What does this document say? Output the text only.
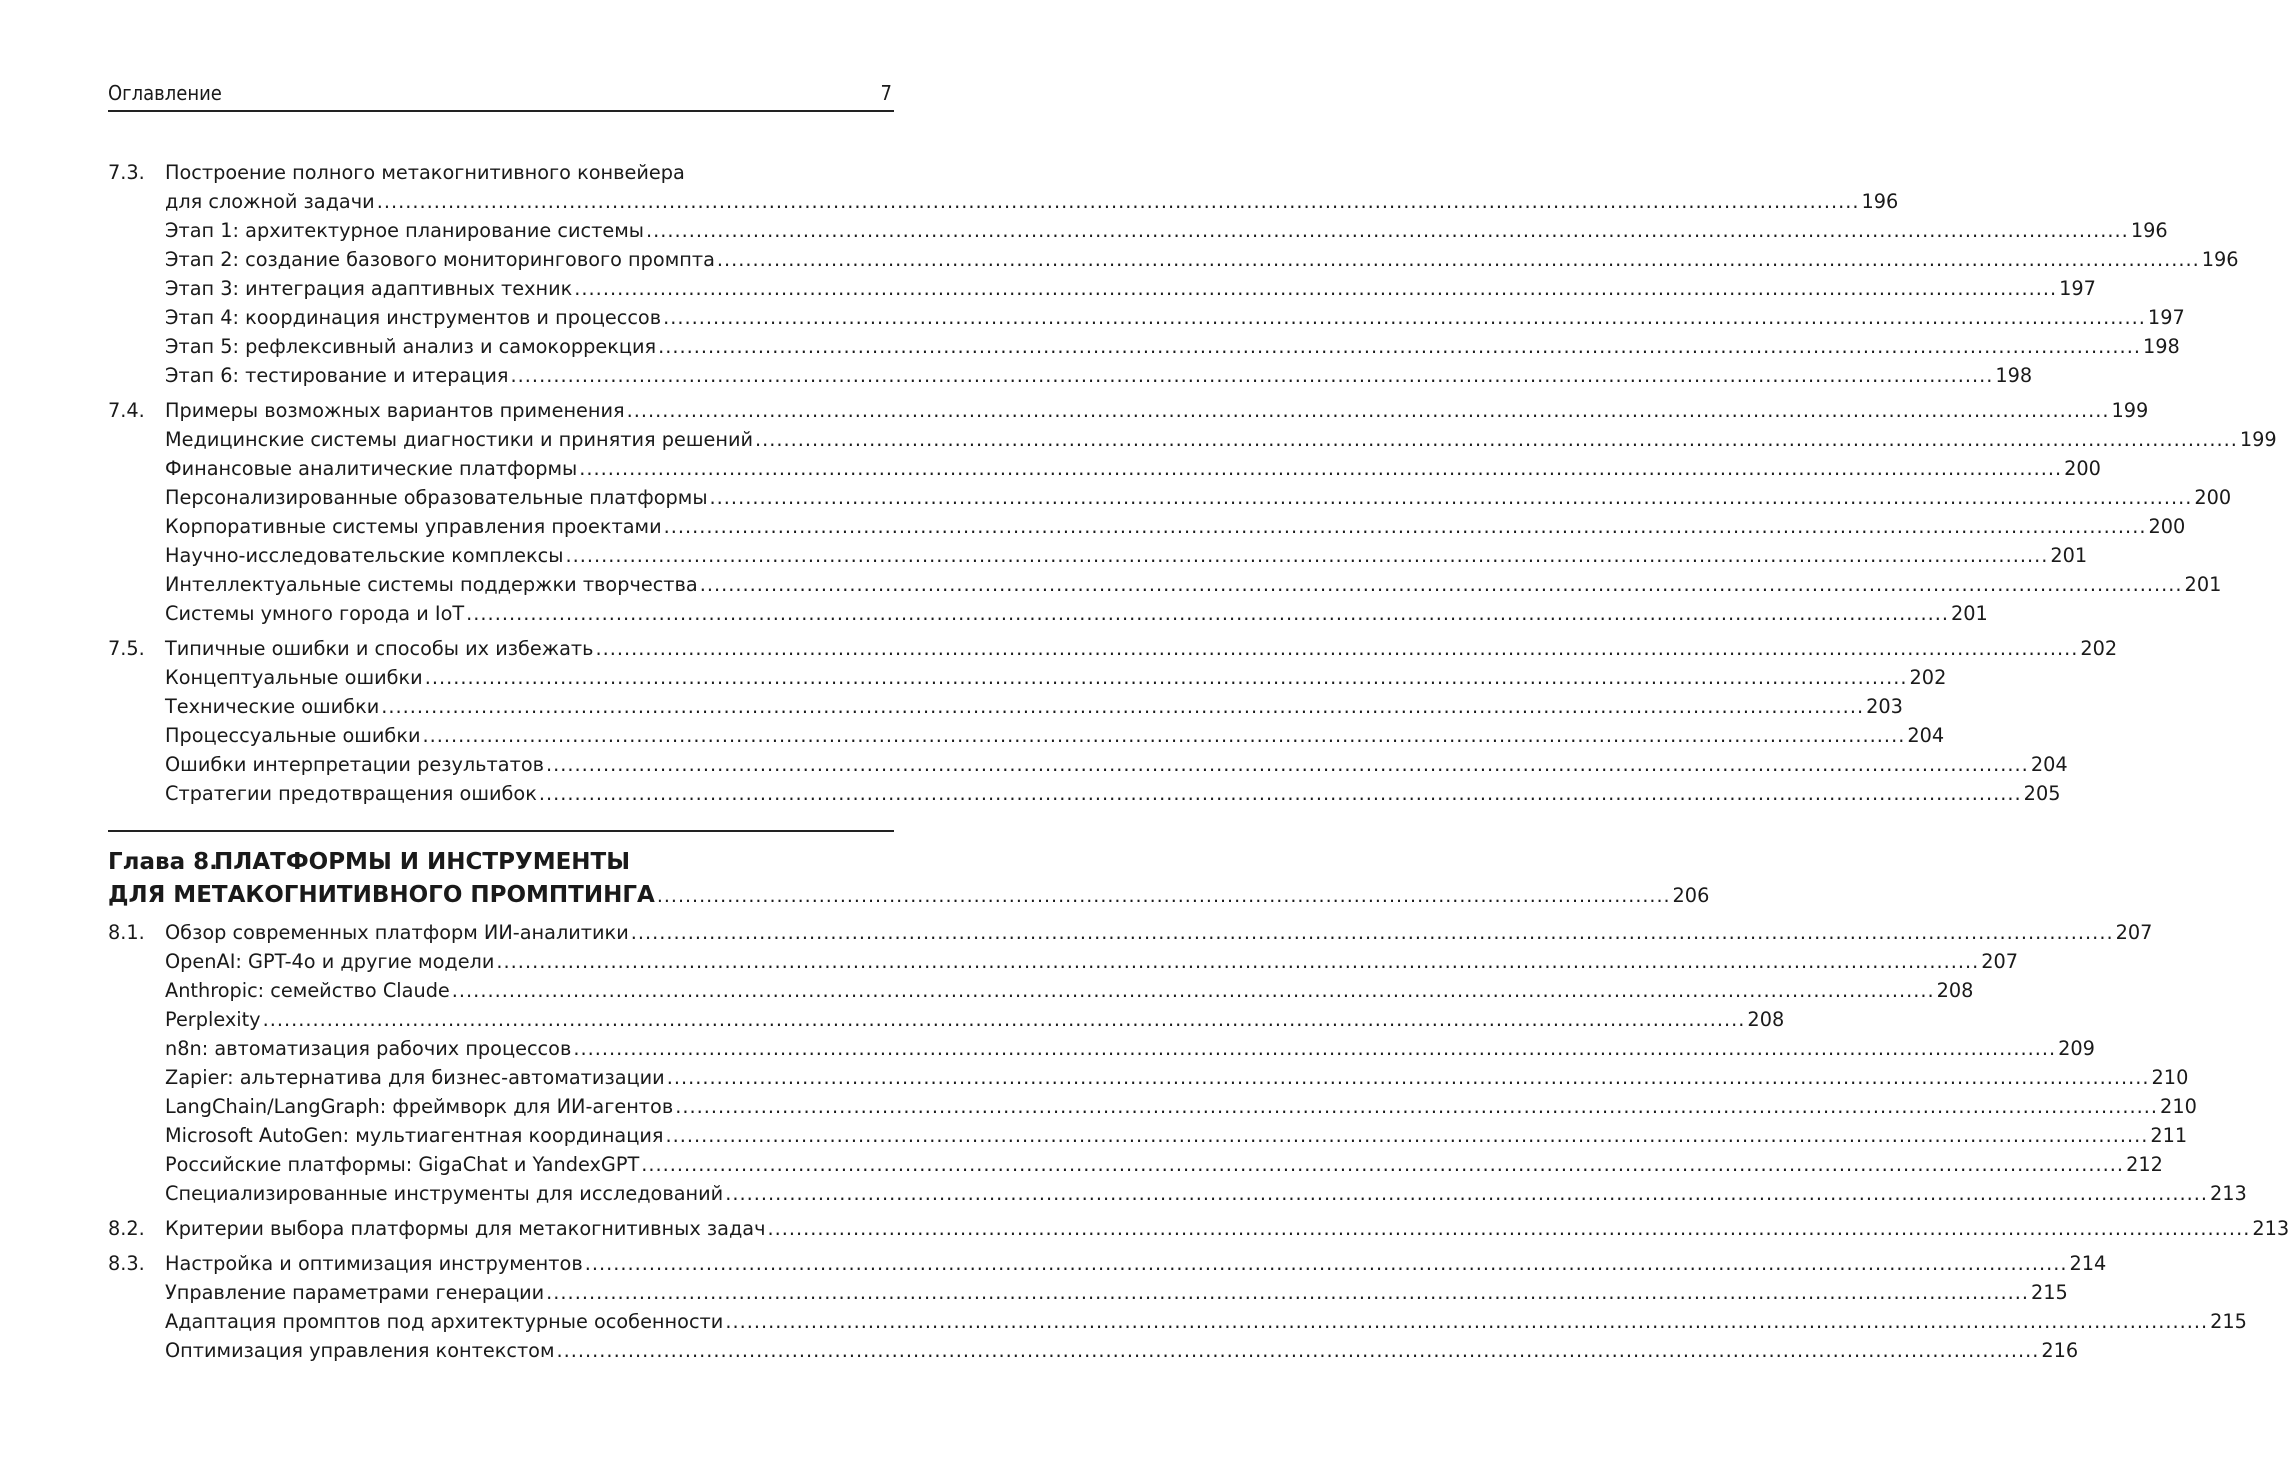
Оглавление	7
7.3. Построение полного метакогнитивного конвейера
для сложной задачи .....	196
Этап 1: архитектурное планирование системы .....	196
Этап 2: создание базового мониторингового промпта .....	196
Этап 3: интеграция адаптивных техник .....	197
Этап 4: координация инструментов и процессов .....	197
Этап 5: рефлексивный анализ и самокоррекция .....	198
Этап 6: тестирование и итерация .....	198
7.4. Примеры возможных вариантов применения .....	199
Медицинские системы диагностики и принятия решений .....	199
Финансовые аналитические платформы .....	200
Персонализированные образовательные платформы .....	200
Корпоративные системы управления проектами .....	200
Научно-исследовательские комплексы .....	201
Интеллектуальные системы поддержки творчества .....	201
Системы умного города и IoT .....	201
7.5. Типичные ошибки и способы их избежать .....	202
Концептуальные ошибки .....	202
Технические ошибки .....	203
Процессуальные ошибки .....	204
Ошибки интерпретации результатов .....	204
Стратегии предотвращения ошибок .....	205
Глава 8.ПЛАТФОРМЫ И ИНСТРУМЕНТЫ
ДЛЯ МЕТАКОГНИТИВНОГО ПРОМПТИНГА .....	206
8.1. Обзор современных платформ ИИ-аналитики .....	207
OpenAI: GPT-4o и другие модели .....	207
Anthropic: семейство Claude .....	208
Perplexity .....	208
n8n: автоматизация рабочих процессов .....	209
Zapier: альтернатива для бизнес-автоматизации .....	210
LangChain/LangGraph: фреймворк для ИИ-агентов .....	210
Microsoft AutoGen: мультиагентная координация .....	211
Российские платформы: GigaChat и YandexGPT .....	212
Специализированные инструменты для исследований .....	213
8.2. Критерии выбора платформы для метакогнитивных задач .....	213
8.3. Настройка и оптимизация инструментов .....	214
Управление параметрами генерации .....	215
Адаптация промптов под архитектурные особенности .....	215
Оптимизация управления контекстом .....	216
